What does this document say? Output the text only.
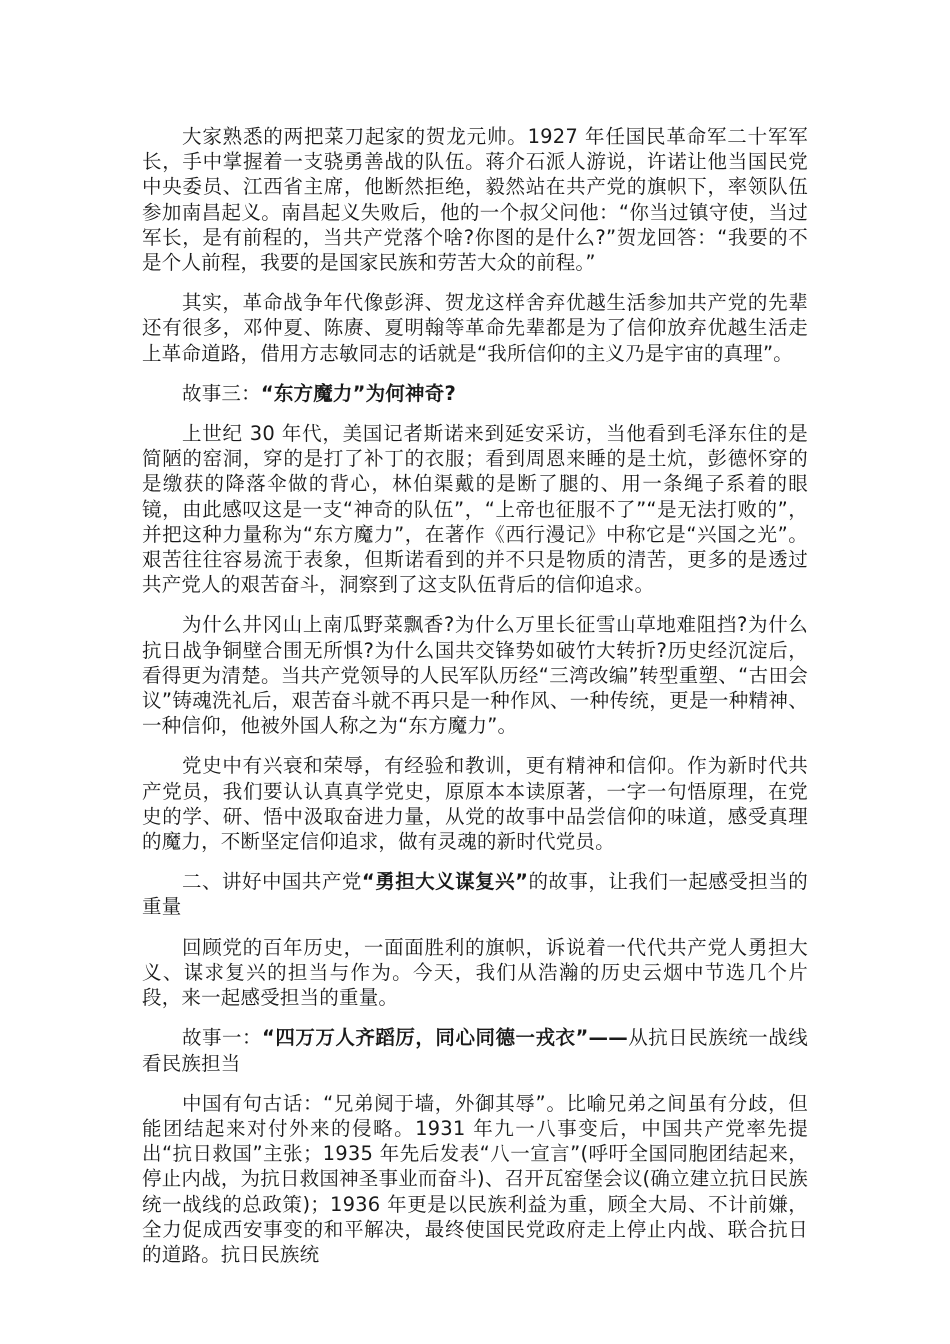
大家熟悉的两把菜刀起家的贺龙元帅。1927 年任国民革命军二十军军长，手中掌握着一支骁勇善战的队伍。蒋介石派人游说，许诺让他当国民党中央委员、江西省主席，他断然拒绝，毅然站在共产党的旗帜下，率领队伍参加南昌起义。南昌起义失败后，他的一个叔父问他：“你当过镇守使，当过军长，是有前程的，当共产党落个啥?你图的是什么?”贺龙回答：“我要的不是个人前程，我要的是国家民族和劳苦大众的前程。”

其实，革命战争年代像彭湃、贺龙这样舍弃优越生活参加共产党的先辈还有很多，邓仲夏、陈赓、夏明翰等革命先辈都是为了信仰放弃优越生活走上革命道路，借用方志敏同志的话就是“我所信仰的主义乃是宇宙的真理”。

故事三：“东方魔力”为何神奇?

上世纪 30 年代，美国记者斯诺来到延安采访，当他看到毛泽东住的是简陋的窑洞，穿的是打了补丁的衣服；看到周恩来睡的是土炕，彭德怀穿的是缴获的降落伞做的背心，林伯渠戴的是断了腿的、用一条绳子系着的眼镜，由此感叹这是一支“神奇的队伍”，“上帝也征服不了”“是无法打败的”，并把这种力量称为“东方魔力”，在著作《西行漫记》中称它是“兴国之光”。艰苦往往容易流于表象，但斯诺看到的并不只是物质的清苦，更多的是透过共产党人的艰苦奋斗，洞察到了这支队伍背后的信仰追求。

为什么井冈山上南瓜野菜飘香?为什么万里长征雪山草地难阻挡?为什么抗日战争铜壁合围无所惧?为什么国共交锋势如破竹大转折?历史经沉淀后，看得更为清楚。当共产党领导的人民军队历经“三湾改编”转型重塑、“古田会议”铸魂洗礼后，艰苦奋斗就不再只是一种作风、一种传统，更是一种精神、一种信仰，他被外国人称之为“东方魔力”。

党史中有兴衰和荣辱，有经验和教训，更有精神和信仰。作为新时代共产党员，我们要认认真真学党史，原原本本读原著，一字一句悟原理，在党史的学、研、悟中汲取奋进力量，从党的故事中品尝信仰的味道，感受真理的魔力，不断坚定信仰追求，做有灵魂的新时代党员。

二、讲好中国共产党“勇担大义谋复兴”的故事，让我们一起感受担当的重量

回顾党的百年历史，一面面胜利的旗帜，诉说着一代代共产党人勇担大义、谋求复兴的担当与作为。今天，我们从浩瀚的历史云烟中节选几个片段，来一起感受担当的重量。

故事一：“四万万人齐蹈厉，同心同德一戎衣”——从抗日民族统一战线看民族担当

中国有句古话：“兄弟阋于墙，外御其辱”。比喻兄弟之间虽有分歧，但能团结起来对付外来的侵略。1931 年九一八事变后，中国共产党率先提出“抗日救国”主张；1935 年先后发表“八一宣言”(呼吁全国同胞团结起来，停止内战，为抗日救国神圣事业而奋斗)、召开瓦窑堡会议(确立建立抗日民族统一战线的总政策)；1936 年更是以民族利益为重，顾全大局、不计前嫌，全力促成西安事变的和平解决，最终使国民党政府走上停止内战、联合抗日的道路。抗日民族统
